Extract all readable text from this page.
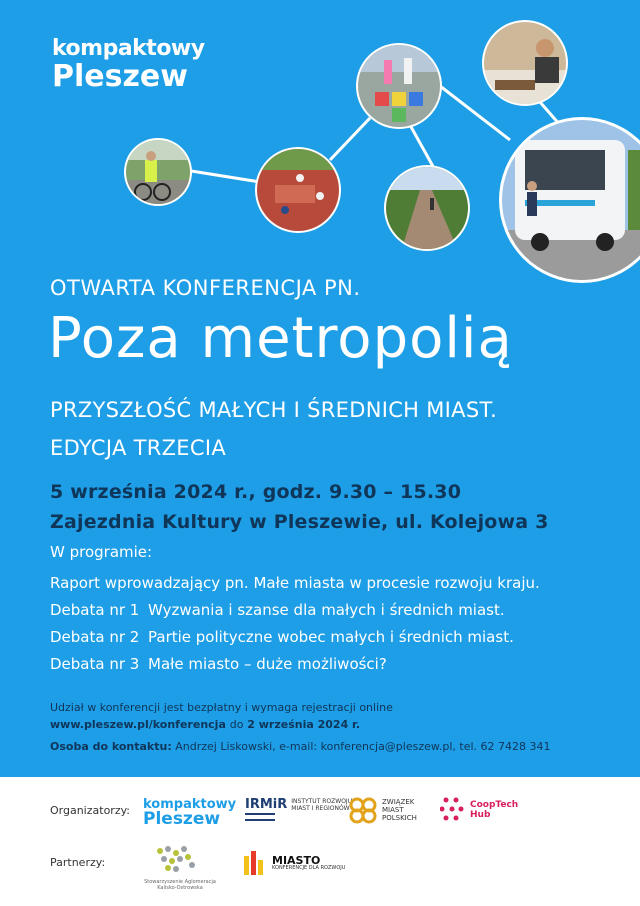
kompaktowy
Pleszew
OTWARTA KONFERENCJA PN.
Poza metropolią
PRZYSZŁOŚĆ MAŁYCH I ŚREDNICH MIAST.
EDYCJA TRZECIA
5 września 2024 r., godz. 9.30 – 15.30
Zajezdnia Kultury w Pleszewie, ul. Kolejowa 3
W programie:
Raport wprowadzający pn. Małe miasta w procesie rozwoju kraju.
Debata nr 1 Wyzwania i szanse dla małych i średnich miast.
Debata nr 2 Partie polityczne wobec małych i średnich miast.
Debata nr 3 Małe miasto – duże możliwości?
Udział w konferencji jest bezpłatny i wymaga rejestracji online
www.pleszew.pl/konferencja do 2 września 2024 r.
Osoba do kontaktu: Andrzej Liskowski, e-mail: konferencja@pleszew.pl, tel. 62 7428 341
Organizatorzy:
Partnerzy:
kompaktowy
Pleszew
IRMiR INSTYTUT ROZWOJU MIAST I REGIONÓW
ZWIĄZEK MIAST POLSKICH
CoopTech
Hub
Stowarzyszenie Aglomeracja Kalisko-Ostrowska
MIASTO
KONFERENCJE DLA ROZWOJU
